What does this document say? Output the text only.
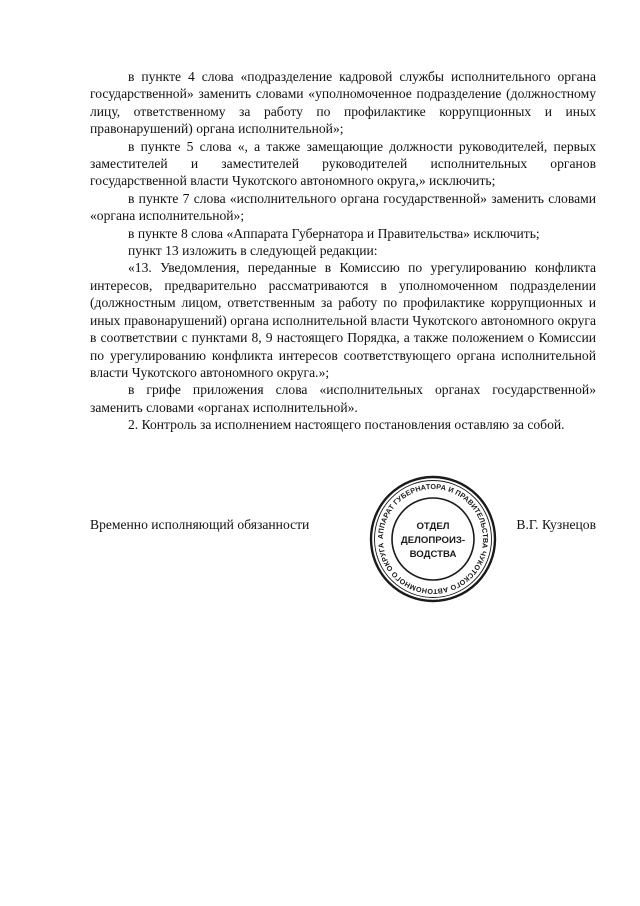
в пункте 4 слова «подразделение кадровой службы исполнительного органа государственной» заменить словами «уполномоченное подразделение (должностному лицу, ответственному за работу по профилактике коррупционных и иных правонарушений) органа исполнительной»;

в пункте 5 слова «, а также замещающие должности руководителей, первых заместителей и заместителей руководителей исполнительных органов государственной власти Чукотского автономного округа,» исключить;

в пункте 7 слова «исполнительного органа государственной» заменить словами «органа исполнительной»;

в пункте 8 слова «Аппарата Губернатора и Правительства» исключить;

пункт 13 изложить в следующей редакции:

«13. Уведомления, переданные в Комиссию по урегулированию конфликта интересов, предварительно рассматриваются в уполномоченном подразделении (должностным лицом, ответственным за работу по профилактике коррупционных и иных правонарушений) органа исполнительной власти Чукотского автономного округа в соответствии с пунктами 8, 9 настоящего Порядка, а также положением о Комиссии по урегулированию конфликта интересов соответствующего органа исполнительной власти Чукотского автономного округа.»;

в грифе приложения слова «исполнительных органах государственной» заменить словами «органах исполнительной».

2. Контроль за исполнением настоящего постановления оставляю за собой.

Временно исполняющий обязанности	В.Г. Кузнецов
АППАРАТ ГУБЕРНАТОРА И ПРАВИТЕЛЬСТВА ЧУКОТСКОГО АВТОНОМНОГО ОКРУГА
ОТДЕЛ
ДЕЛОПРОИЗ-
ВОДСТВА
